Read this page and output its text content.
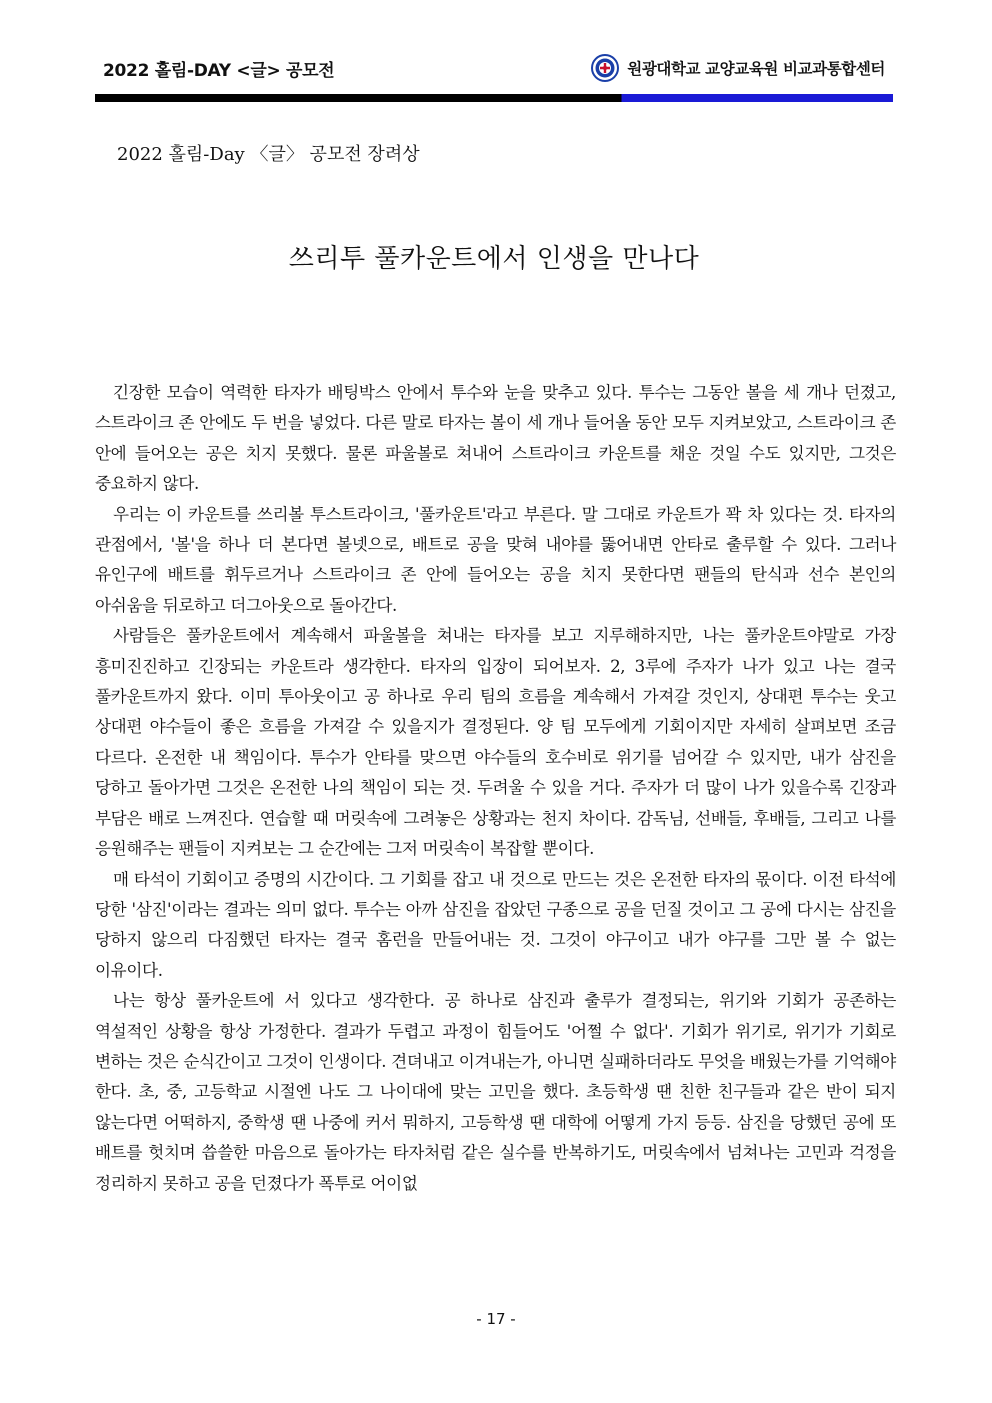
2022 홀림-DAY <글> 공모전	원광대학교 교양교육원 비교과통합센터
2022 홀림-Day 〈글〉 공모전 장려상
쓰리투 풀카운트에서 인생을 만나다

긴장한 모습이 역력한 타자가 배팅박스 안에서 투수와 눈을 맞추고 있다. 투수는 그동안 볼을 세 개나 던졌고, 스트라이크 존 안에도 두 번을 넣었다. 다른 말로 타자는 볼이 세 개나 들어올 동안 모두 지켜보았고, 스트라이크 존 안에 들어오는 공은 치지 못했다. 물론 파울볼로 쳐내어 스트라이크 카운트를 채운 것일 수도 있지만, 그것은 중요하지 않다.

우리는 이 카운트를 쓰리볼 투스트라이크, '풀카운트'라고 부른다. 말 그대로 카운트가 꽉 차 있다는 것. 타자의 관점에서, '볼'을 하나 더 본다면 볼넷으로, 배트로 공을 맞혀 내야를 뚫어내면 안타로 출루할 수 있다. 그러나 유인구에 배트를 휘두르거나 스트라이크 존 안에 들어오는 공을 치지 못한다면 팬들의 탄식과 선수 본인의 아쉬움을 뒤로하고 더그아웃으로 돌아간다.

사람들은 풀카운트에서 계속해서 파울볼을 쳐내는 타자를 보고 지루해하지만, 나는 풀카운트야말로 가장 흥미진진하고 긴장되는 카운트라 생각한다. 타자의 입장이 되어보자. 2, 3루에 주자가 나가 있고 나는 결국 풀카운트까지 왔다. 이미 투아웃이고 공 하나로 우리 팀의 흐름을 계속해서 가져갈 것인지, 상대편 투수는 웃고 상대편 야수들이 좋은 흐름을 가져갈 수 있을지가 결정된다. 양 팀 모두에게 기회이지만 자세히 살펴보면 조금 다르다. 온전한 내 책임이다. 투수가 안타를 맞으면 야수들의 호수비로 위기를 넘어갈 수 있지만, 내가 삼진을 당하고 돌아가면 그것은 온전한 나의 책임이 되는 것. 두려울 수 있을 거다. 주자가 더 많이 나가 있을수록 긴장과 부담은 배로 느껴진다. 연습할 때 머릿속에 그려놓은 상황과는 천지 차이다. 감독님, 선배들, 후배들, 그리고 나를 응원해주는 팬들이 지켜보는 그 순간에는 그저 머릿속이 복잡할 뿐이다.

매 타석이 기회이고 증명의 시간이다. 그 기회를 잡고 내 것으로 만드는 것은 온전한 타자의 몫이다. 이전 타석에 당한 '삼진'이라는 결과는 의미 없다. 투수는 아까 삼진을 잡았던 구종으로 공을 던질 것이고 그 공에 다시는 삼진을 당하지 않으리 다짐했던 타자는 결국 홈런을 만들어내는 것. 그것이 야구이고 내가 야구를 그만 볼 수 없는 이유이다.

나는 항상 풀카운트에 서 있다고 생각한다. 공 하나로 삼진과 출루가 결정되는, 위기와 기회가 공존하는 역설적인 상황을 항상 가정한다. 결과가 두렵고 과정이 힘들어도 '어쩔 수 없다'. 기회가 위기로, 위기가 기회로 변하는 것은 순식간이고 그것이 인생이다. 견뎌내고 이겨내는가, 아니면 실패하더라도 무엇을 배웠는가를 기억해야 한다. 초, 중, 고등학교 시절엔 나도 그 나이대에 맞는 고민을 했다. 초등학생 땐 친한 친구들과 같은 반이 되지 않는다면 어떡하지, 중학생 땐 나중에 커서 뭐하지, 고등학생 땐 대학에 어떻게 가지 등등. 삼진을 당했던 공에 또 배트를 헛치며 씁쓸한 마음으로 돌아가는 타자처럼 같은 실수를 반복하기도, 머릿속에서 넘쳐나는 고민과 걱정을 정리하지 못하고 공을 던졌다가 폭투로 어이없

- 17 -
